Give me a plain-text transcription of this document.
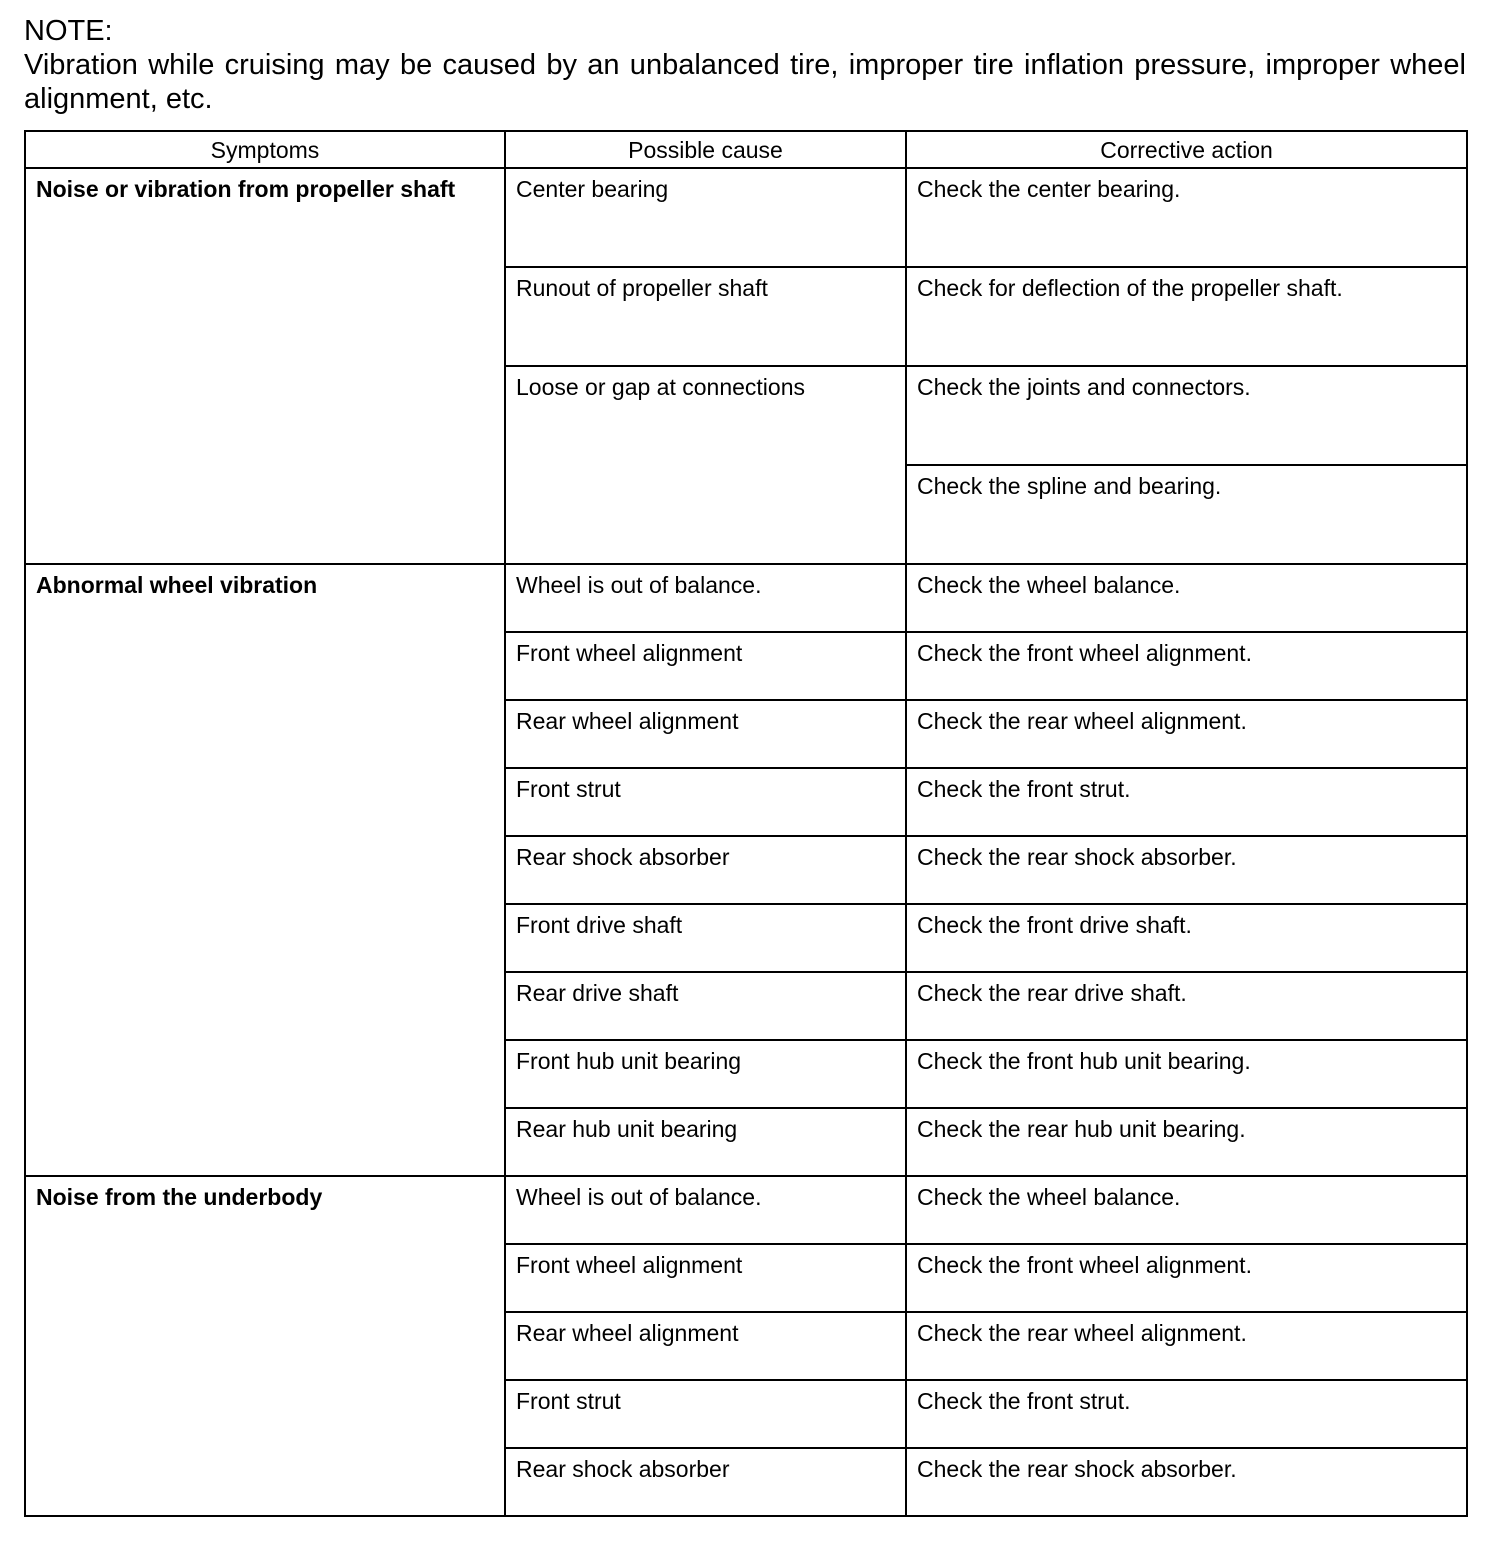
NOTE:
Vibration while cruising may be caused by an unbalanced tire, improper tire inflation pressure, improper wheel alignment, etc.
Symptoms	Possible cause	Corrective action
Noise or vibration from propeller shaft	Center bearing	Check the center bearing.
	Runout of propeller shaft	Check for deflection of the propeller shaft.
	Loose or gap at connections	Check the joints and connectors.
		Check the spline and bearing.
Abnormal wheel vibration	Wheel is out of balance.	Check the wheel balance.
	Front wheel alignment	Check the front wheel alignment.
	Rear wheel alignment	Check the rear wheel alignment.
	Front strut	Check the front strut.
	Rear shock absorber	Check the rear shock absorber.
	Front drive shaft	Check the front drive shaft.
	Rear drive shaft	Check the rear drive shaft.
	Front hub unit bearing	Check the front hub unit bearing.
	Rear hub unit bearing	Check the rear hub unit bearing.
Noise from the underbody	Wheel is out of balance.	Check the wheel balance.
	Front wheel alignment	Check the front wheel alignment.
	Rear wheel alignment	Check the rear wheel alignment.
	Front strut	Check the front strut.
	Rear shock absorber	Check the rear shock absorber.
